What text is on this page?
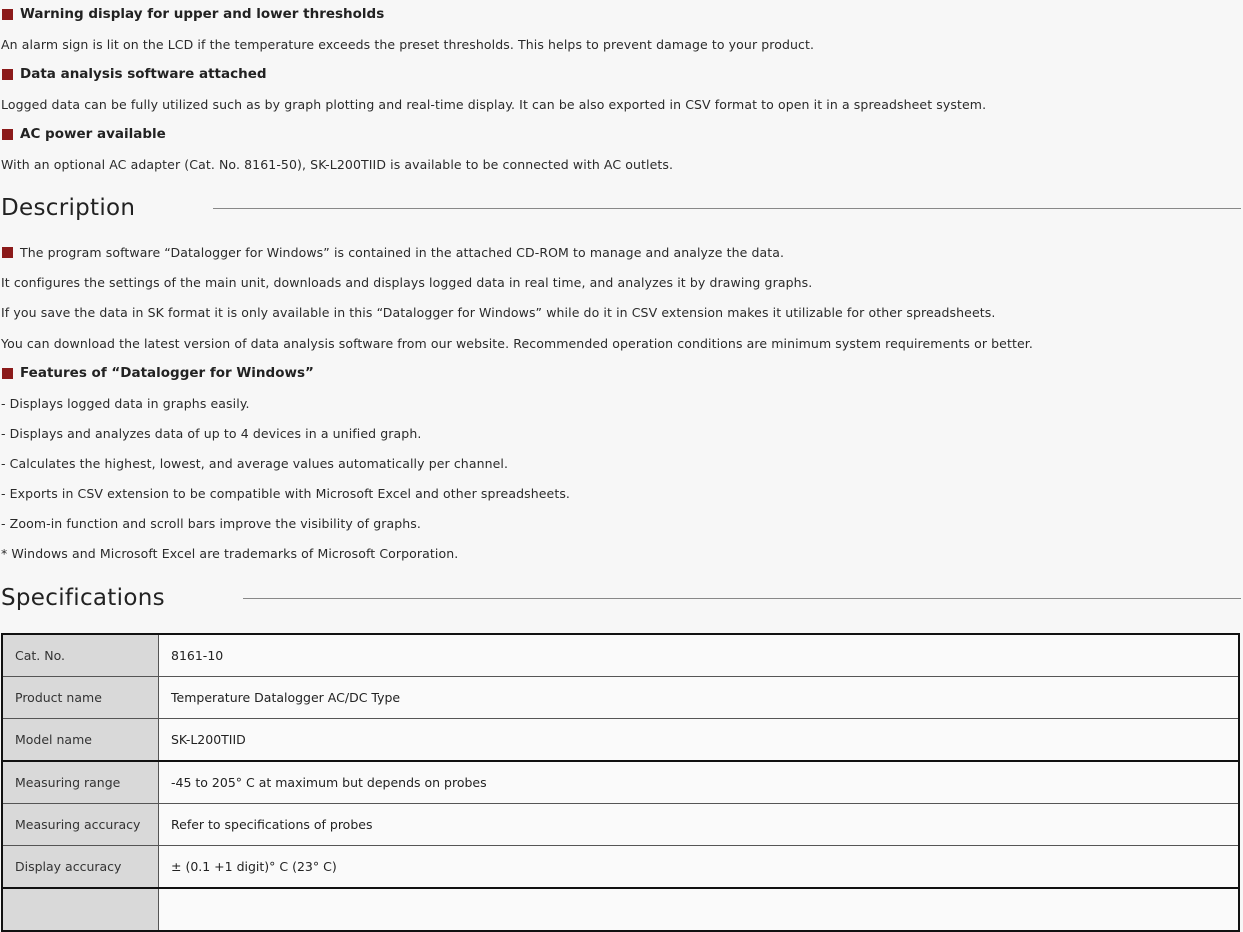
Warning display for upper and lower thresholds
An alarm sign is lit on the LCD if the temperature exceeds the preset thresholds. This helps to prevent damage to your product.
Data analysis software attached
Logged data can be fully utilized such as by graph plotting and real-time display. It can be also exported in CSV format to open it in a spreadsheet system.
AC power available
With an optional AC adapter (Cat. No. 8161-50), SK-L200TIID is available to be connected with AC outlets.
Description
The program software “Datalogger for Windows” is contained in the attached CD-ROM to manage and analyze the data.
It configures the settings of the main unit, downloads and displays logged data in real time, and analyzes it by drawing graphs.
If you save the data in SK format it is only available in this “Datalogger for Windows” while do it in CSV extension makes it utilizable for other spreadsheets.
You can download the latest version of data analysis software from our website. Recommended operation conditions are minimum system requirements or better.
Features of “Datalogger for Windows”
- Displays logged data in graphs easily.
- Displays and analyzes data of up to 4 devices in a unified graph.
- Calculates the highest, lowest, and average values automatically per channel.
- Exports in CSV extension to be compatible with Microsoft Excel and other spreadsheets.
- Zoom-in function and scroll bars improve the visibility of graphs.
* Windows and Microsoft Excel are trademarks of Microsoft Corporation.
Specifications
Cat. No.	8161-10
Product name	Temperature Datalogger AC/DC Type
Model name	SK-L200TIID
Measuring range	-45 to 205° C at maximum but depends on probes
Measuring accuracy	Refer to specifications of probes
Display accuracy	± (0.1 +1 digit)° C (23° C)
